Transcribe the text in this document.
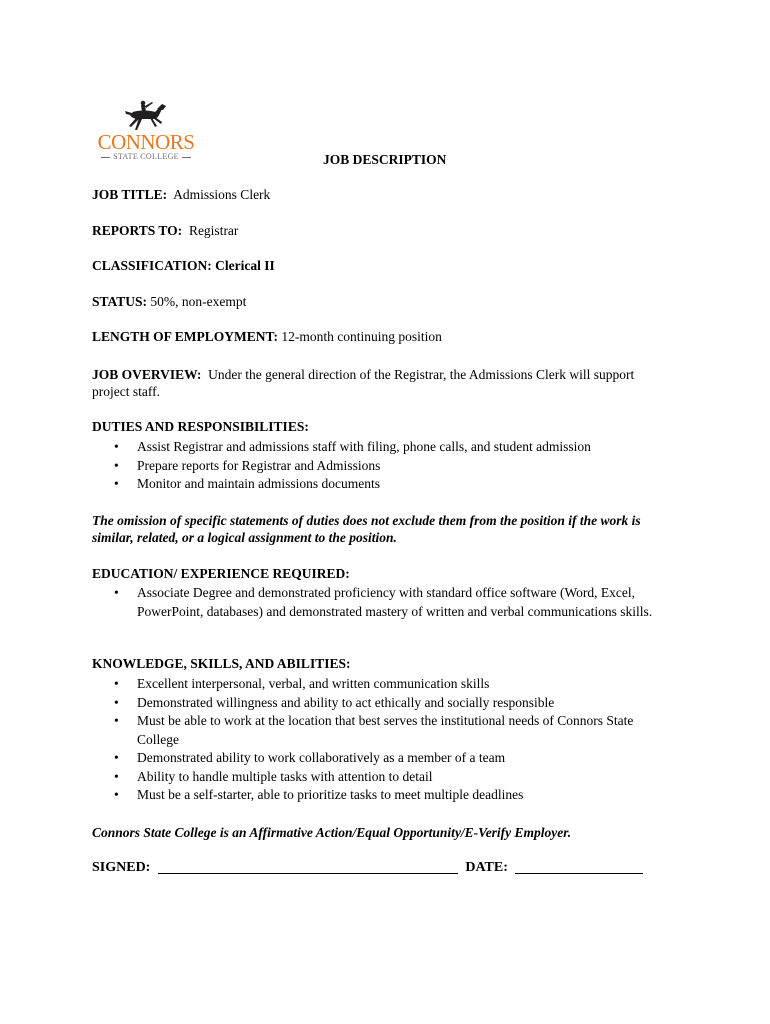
CONNORS
STATE COLLEGE	JOB DESCRIPTION
JOB TITLE: Admissions Clerk
REPORTS TO: Registrar
CLASSIFICATION: Clerical II
STATUS: 50%, non-exempt
LENGTH OF EMPLOYMENT: 12-month continuing position
JOB OVERVIEW: Under the general direction of the Registrar, the Admissions Clerk will support project staff.
DUTIES AND RESPONSIBILITIES:
• Assist Registrar and admissions staff with filing, phone calls, and student admission
• Prepare reports for Registrar and Admissions
• Monitor and maintain admissions documents
The omission of specific statements of duties does not exclude them from the position if the work is similar, related, or a logical assignment to the position.
EDUCATION/ EXPERIENCE REQUIRED:
• Associate Degree and demonstrated proficiency with standard office software (Word, Excel, PowerPoint, databases) and demonstrated mastery of written and verbal communications skills.
KNOWLEDGE, SKILLS, AND ABILITIES:
• Excellent interpersonal, verbal, and written communication skills
• Demonstrated willingness and ability to act ethically and socially responsible
• Must be able to work at the location that best serves the institutional needs of Connors State College
• Demonstrated ability to work collaboratively as a member of a team
• Ability to handle multiple tasks with attention to detail
• Must be a self-starter, able to prioritize tasks to meet multiple deadlines
Connors State College is an Affirmative Action/Equal Opportunity/E-Verify Employer.
SIGNED:	DATE:
